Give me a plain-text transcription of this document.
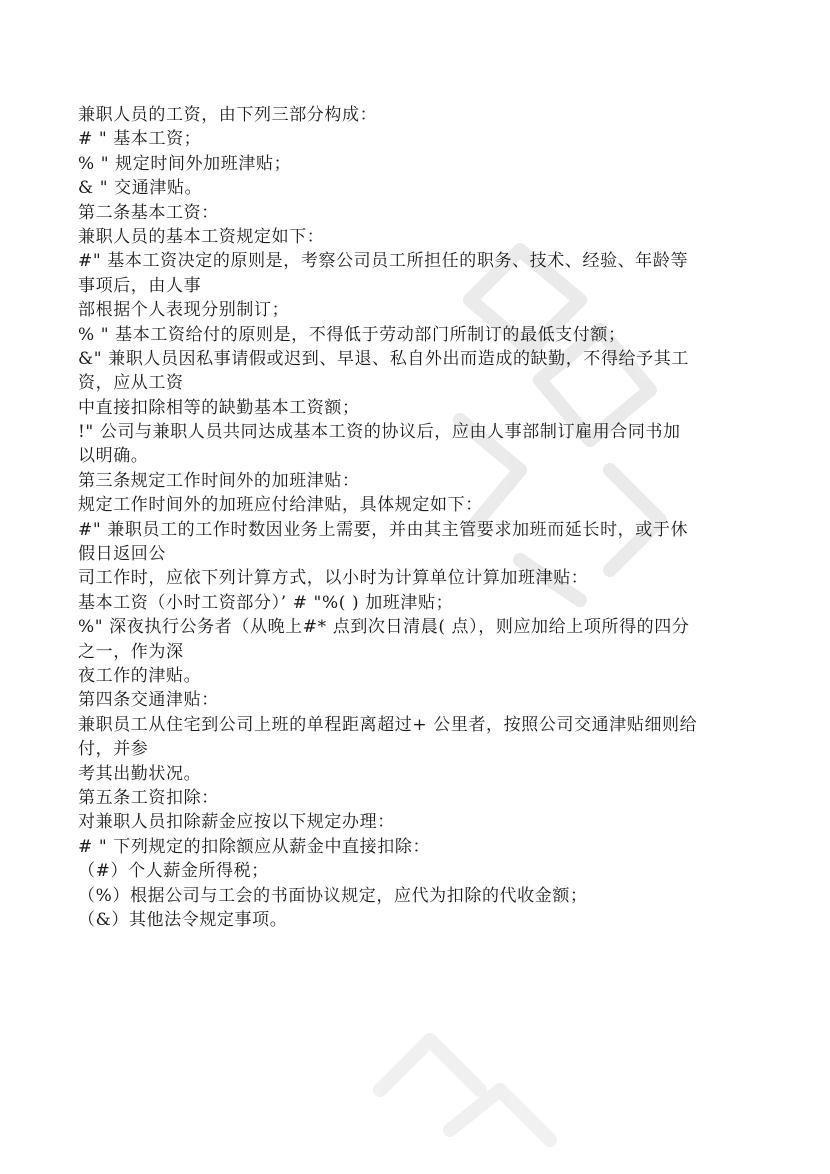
兼职人员的工资，由下列三部分构成：
# " 基本工资；
% " 规定时间外加班津贴；
& " 交通津贴。
第二条基本工资：
兼职人员的基本工资规定如下：
#" 基本工资决定的原则是，考察公司员工所担任的职务、技术、经验、年龄等
事项后，由人事
部根据个人表现分别制订；
% " 基本工资给付的原则是，不得低于劳动部门所制订的最低支付额；
&" 兼职人员因私事请假或迟到、早退、私自外出而造成的缺勤，不得给予其工
资，应从工资
中直接扣除相等的缺勤基本工资额；
!" 公司与兼职人员共同达成基本工资的协议后，应由人事部制订雇用合同书加
以明确。
第三条规定工作时间外的加班津贴：
规定工作时间外的加班应付给津贴，具体规定如下：
#" 兼职员工的工作时数因业务上需要，并由其主管要求加班而延长时，或于休
假日返回公
司工作时，应依下列计算方式，以小时为计算单位计算加班津贴：
基本工资（小时工资部分）’ # "%( ) 加班津贴；
%" 深夜执行公务者（从晚上#* 点到次日清晨( 点），则应加给上项所得的四分
之一，作为深
夜工作的津贴。
第四条交通津贴：
兼职员工从住宅到公司上班的单程距离超过+ 公里者，按照公司交通津贴细则给
付，并参
考其出勤状况。
第五条工资扣除：
对兼职人员扣除薪金应按以下规定办理：
# " 下列规定的扣除额应从薪金中直接扣除：
（#）个人薪金所得税；
（%）根据公司与工会的书面协议规定，应代为扣除的代收金额；
（&）其他法令规定事项。
